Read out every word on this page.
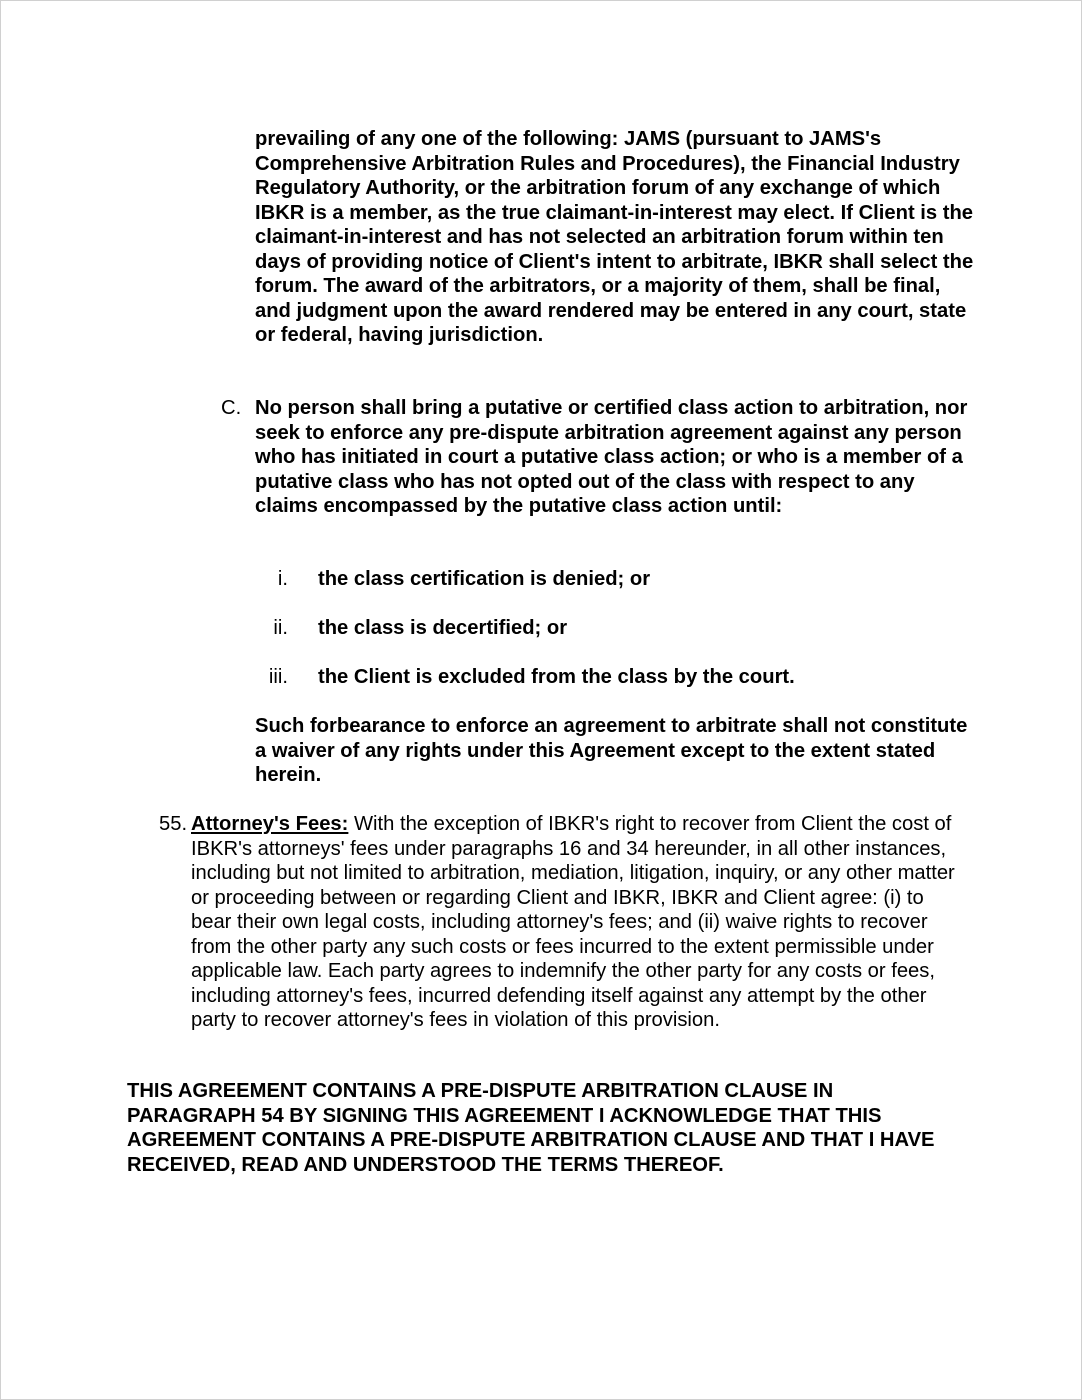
prevailing of any one of the following: JAMS (pursuant to JAMS's Comprehensive Arbitration Rules and Procedures), the Financial Industry Regulatory Authority, or the arbitration forum of any exchange of which IBKR is a member, as the true claimant-in-interest may elect. If Client is the claimant-in-interest and has not selected an arbitration forum within ten days of providing notice of Client's intent to arbitrate, IBKR shall select the forum. The award of the arbitrators, or a majority of them, shall be final, and judgment upon the award rendered may be entered in any court, state or federal, having jurisdiction.

C. No person shall bring a putative or certified class action to arbitration, nor seek to enforce any pre-dispute arbitration agreement against any person who has initiated in court a putative class action; or who is a member of a putative class who has not opted out of the class with respect to any claims encompassed by the putative class action until:

i. the class certification is denied; or
ii. the class is decertified; or
iii. the Client is excluded from the class by the court.

Such forbearance to enforce an agreement to arbitrate shall not constitute a waiver of any rights under this Agreement except to the extent stated herein.

55. Attorney's Fees: With the exception of IBKR's right to recover from Client the cost of IBKR's attorneys' fees under paragraphs 16 and 34 hereunder, in all other instances, including but not limited to arbitration, mediation, litigation, inquiry, or any other matter or proceeding between or regarding Client and IBKR, IBKR and Client agree: (i) to bear their own legal costs, including attorney's fees; and (ii) waive rights to recover from the other party any such costs or fees incurred to the extent permissible under applicable law. Each party agrees to indemnify the other party for any costs or fees, including attorney's fees, incurred defending itself against any attempt by the other party to recover attorney's fees in violation of this provision.

THIS AGREEMENT CONTAINS A PRE-DISPUTE ARBITRATION CLAUSE IN PARAGRAPH 54 BY SIGNING THIS AGREEMENT I ACKNOWLEDGE THAT THIS AGREEMENT CONTAINS A PRE-DISPUTE ARBITRATION CLAUSE AND THAT I HAVE RECEIVED, READ AND UNDERSTOOD THE TERMS THEREOF.
